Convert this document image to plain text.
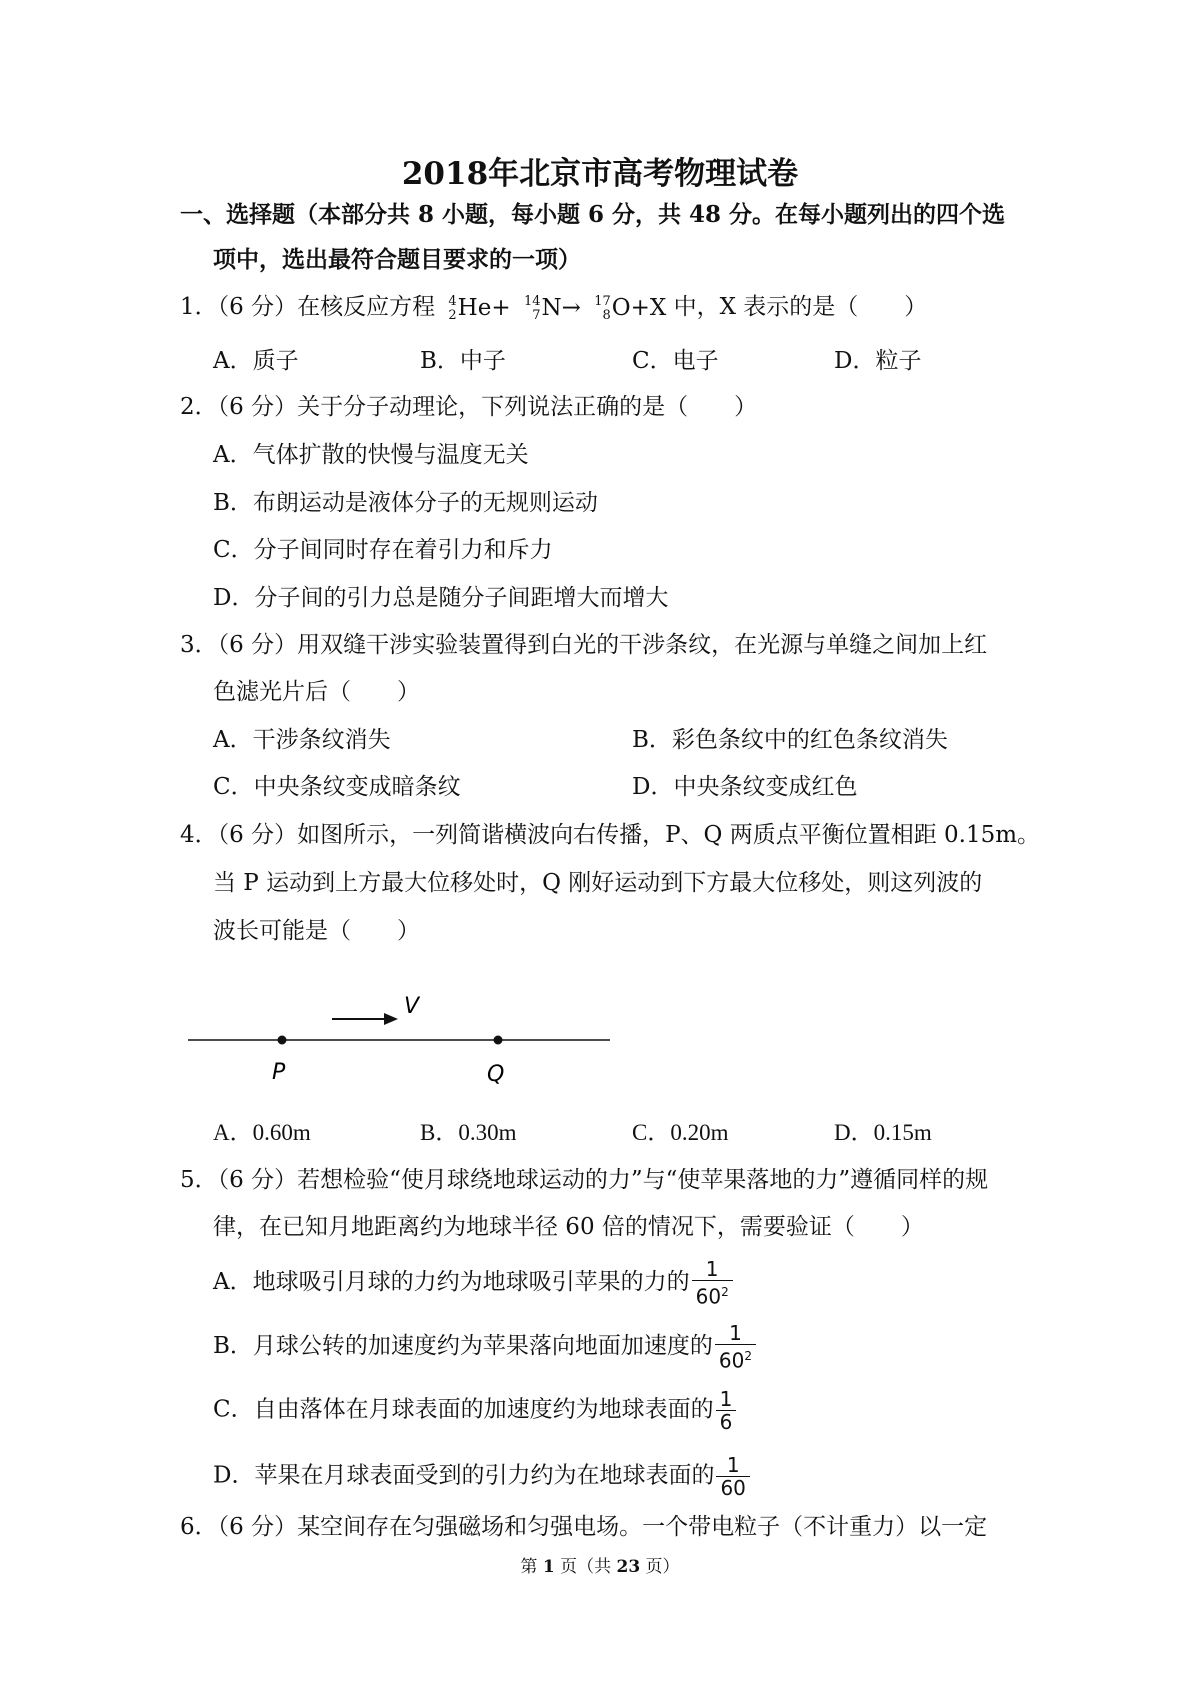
2018年北京市高考物理试卷
一、选择题（本部分共 8 小题，每小题 6 分，共 48 分。在每小题列出的四个选
项中，选出最符合题目要求的一项）
1．（6 分）在核反应方程 4
2 He+ 14
7 N→ 17
8 O+X 中，X 表示的是（　　）
A．质子	B．中子	C．电子	D．粒子
2．（6 分）关于分子动理论，下列说法正确的是（　　）
A．气体扩散的快慢与温度无关
B．布朗运动是液体分子的无规则运动
C．分子间同时存在着引力和斥力
D．分子间的引力总是随分子间距增大而增大
3．（6 分）用双缝干涉实验装置得到白光的干涉条纹，在光源与单缝之间加上红
色滤光片后（　　）
A．干涉条纹消失	B．彩色条纹中的红色条纹消失
C．中央条纹变成暗条纹	D．中央条纹变成红色
4．（6 分）如图所示，一列简谐横波向右传播，P、Q 两质点平衡位置相距 0.15m。
当 P 运动到上方最大位移处时，Q 刚好运动到下方最大位移处，则这列波的
波长可能是（　　）
V
P	Q
A．0.60m	B．0.30m	C．0.20m	D．0.15m
5．（6 分）若想检验“使月球绕地球运动的力”与“使苹果落地的力”遵循同样的规
律，在已知月地距离约为地球半径 60 倍的情况下，需要验证（　　）
A．地球吸引月球的力约为地球吸引苹果的力的 $\frac{1}{60^2}$
B．月球公转的加速度约为苹果落向地面加速度的 $\frac{1}{60^2}$
C．自由落体在月球表面的加速度约为地球表面的 $\frac{1}{6}$
D．苹果在月球表面受到的引力约为在地球表面的 $\frac{1}{60}$
6．（6 分）某空间存在匀强磁场和匀强电场。一个带电粒子（不计重力）以一定
第 1 页（共 23 页）
